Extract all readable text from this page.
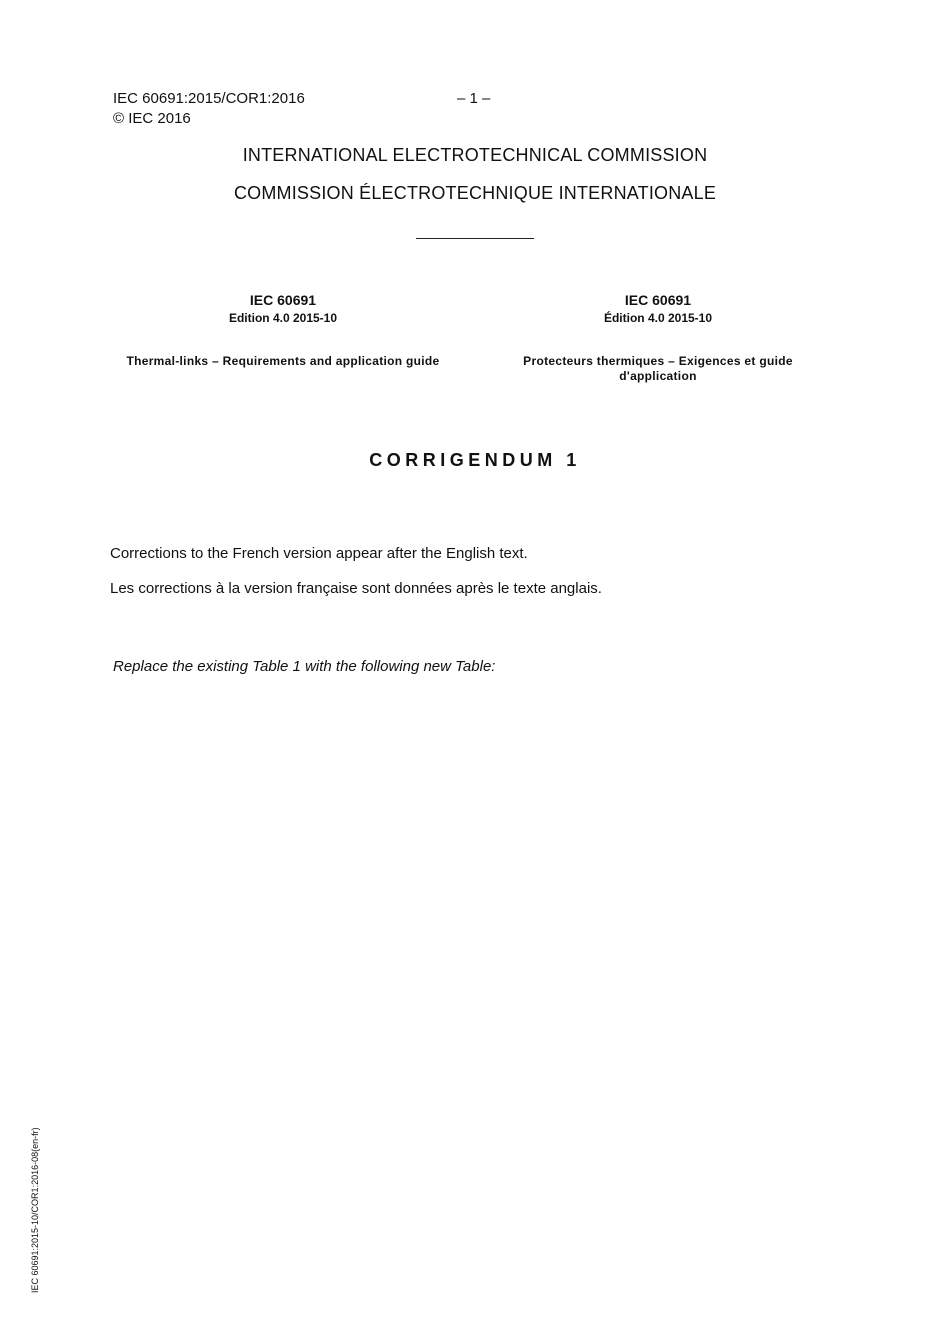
IEC 60691:2015/COR1:2016	– 1 –
© IEC 2016
INTERNATIONAL ELECTROTECHNICAL COMMISSION
COMMISSION ÉLECTROTECHNIQUE INTERNATIONALE
IEC 60691
Edition 4.0 2015-10
Thermal-links – Requirements and application guide
IEC 60691
Édition 4.0 2015-10
Protecteurs thermiques – Exigences et guide d'application
CORRIGENDUM 1
Corrections to the French version appear after the English text.
Les corrections à la version française sont données après le texte anglais.
Replace the existing Table 1 with the following new Table:
IEC 60691:2015-10/COR1:2016-08(en-fr)
